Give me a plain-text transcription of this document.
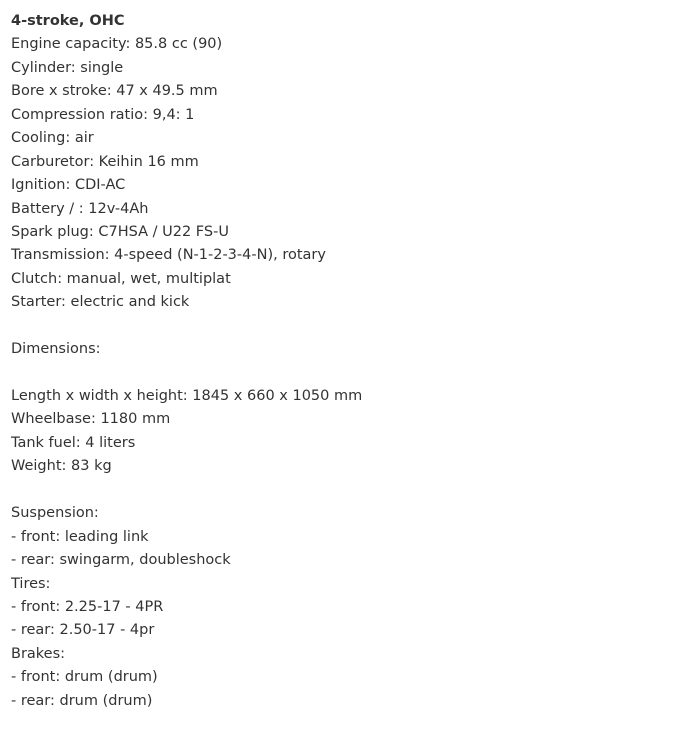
4-stroke, OHC
Engine capacity: 85.8 cc (90)
Cylinder: single
Bore x stroke: 47 x 49.5 mm
Compression ratio: 9,4: 1
Cooling: air
Carburetor: Keihin 16 mm
Ignition: CDI-AC
Battery / : 12v-4Ah
Spark plug: C7HSA / U22 FS-U
Transmission: 4-speed (N-1-2-3-4-N), rotary
Clutch: manual, wet, multiplat
Starter: electric and kick
Dimensions:
Length x width x height: 1845 x 660 x 1050 mm
Wheelbase: 1180 mm
Tank fuel: 4 liters
Weight: 83 kg
Suspension:
- front: leading link
- rear: swingarm, doubleshock
Tires:
- front: 2.25-17 - 4PR
- rear: 2.50-17 - 4pr
Brakes:
- front: drum (drum)
- rear: drum (drum)
